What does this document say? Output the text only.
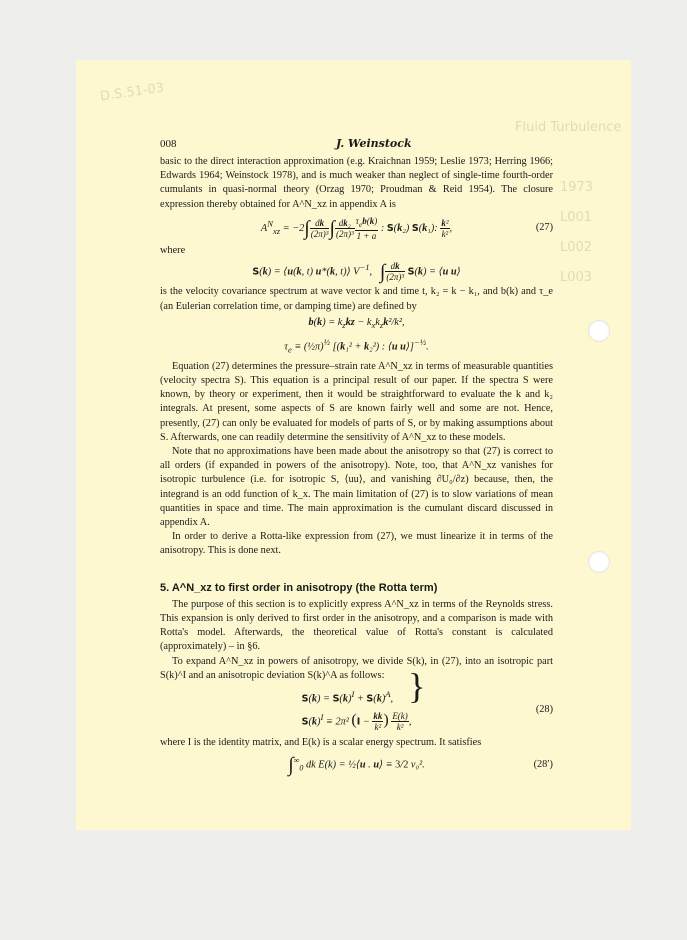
D.S.51-03
Fluid Turbulence
1973
L001
L002
L003
008	J. Weinstock

basic to the direct interaction approximation (e.g. Kraichnan 1959; Leslie 1973; Herring 1966; Edwards 1964; Weinstock 1978), and is much weaker than neglect of single-time fourth-order cumulants in quasi-normal theory (Orzag 1970; Proudman & Reid 1954). The closure expression thereby obtained for A^N_xz in appendix A is

$A^N_{xz} = -2\int \frac{dk}{\text{(2π)³}}$ ∫ $\frac{\text{dk₂}}{\text{(2π)³}} \frac{\tau_eb(k)}{1 + a}$ : S(k₂) S(k₁): $\frac{\text{k²}}{\text{k²}}$ ,	(27)

where

S(k) = ⟨u(k, t) u*(k, t)⟩ $V^{-1}$,   ∫ $\frac{dk}{\text{(2π)³}} S(k)$ = ⟨u u⟩

is the velocity covariance spectrum at wave vector k and time t, k₂ = k − k₁, and b(k) and τ_e (an Eulerian correlation time, or damping time) are defined by

$b(k) = k_zkz - k_xk_zk^2/k^2$,
$\tau_e$ ≡ (½π)$^{\frac{1}{2}}$ [(k₁² + k₂²) : ⟨u u⟩]$^{-\frac{1}{2}}$.

Equation (27) determines the pressure–strain rate A^N_xz in terms of measurable quantities (velocity spectra S). This equation is a principal result of our paper. If the spectra S were known, by theory or experiment, then it would be straightforward to evaluate the k and k₂ integrals. At present, some aspects of S are known fairly well and some are not. Hence, presently, (27) can only be evaluated for models of parts of S, or by making assumptions about S. Afterwards, one can readily determine the sensitivity of A^N_xz to these models.

Note that no approximations have been made about the anisotropy so that (27) is correct to all orders (if expanded in powers of the anisotropy). Note, too, that A^N_xz vanishes for isotropic turbulence (i.e. for isotropic S, ⟨uu⟩, and vanishing ∂U₀/∂z) because, then, the integrand is an odd function of k_x. The main limitation of (27) is to slow variations of mean quantities in space and time. The main approximation is the cumulant discard discussed in appendix A.

In order to derive a Rotta-like expression from (27), we must linearize it in terms of the anisotropy. This is done next.

5. A^N_xz to first order in anisotropy (the Rotta term)

The purpose of this section is to explicitly express A^N_xz in terms of the Reynolds stress. This expansion is only derived to first order in the anisotropy, and a comparison is made with Rotta's model. Afterwards, the theoretical value of Rotta's constant is calculated (approximately) – in §6.

To expand A^N_xz in powers of anisotropy, we divide S(k), in (27), into an isotropic part S(k)^I and an anisotropic deviation S(k)^A as follows:

$S(k) = S(k)^I + S(k)^A$,
$S(k)^I \equiv 2\pi^2$ ($I - \frac{kk}{\text{k²}}$ ) $\frac{E(k)}{\text{k²}}$ ,
}
(28)

where I is the identity matrix, and E(k) is a scalar energy spectrum. It satisfies

$\int^\infty_0$ dk E(k) = ½⟨u . u⟩ ≡ 3/2 v₀².	(28′)
